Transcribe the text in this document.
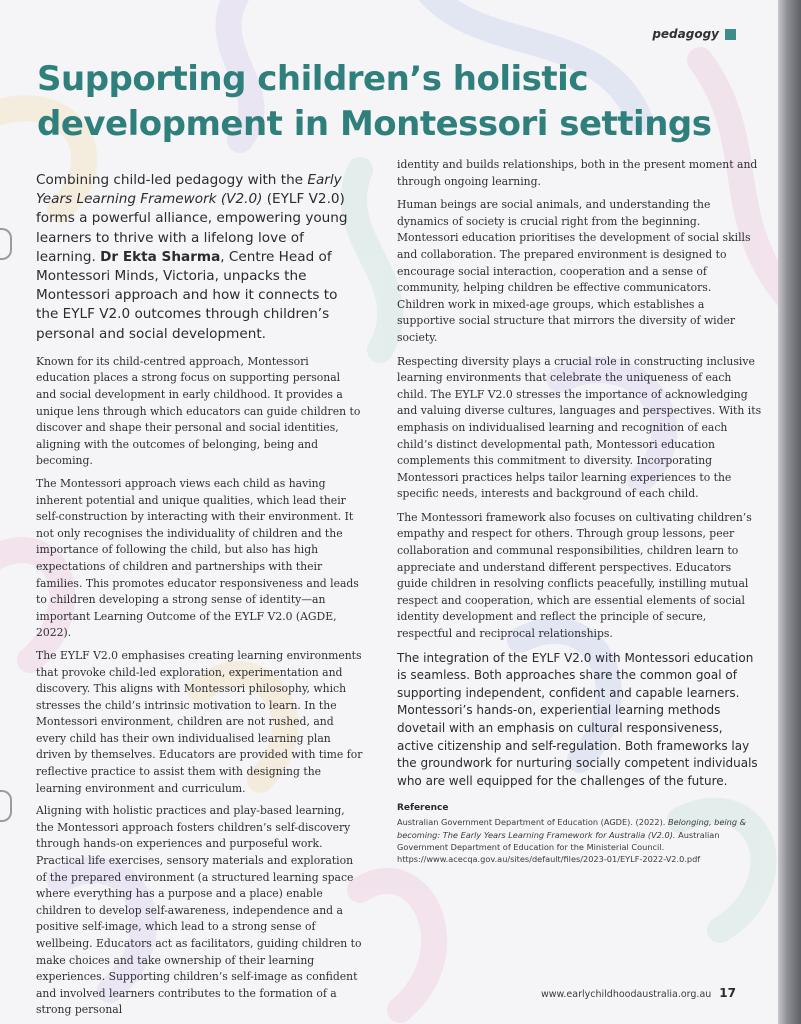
pedagogy
Supporting children’s holistic development in Montessori settings

Combining child-led pedagogy with the Early Years Learning Framework (V2.0) (EYLF V2.0) forms a powerful alliance, empowering young learners to thrive with a lifelong love of learning. Dr Ekta Sharma, Centre Head of Montessori Minds, Victoria, unpacks the Montessori approach and how it connects to the EYLF V2.0 outcomes through children’s personal and social development.

Known for its child-centred approach, Montessori education places a strong focus on supporting personal and social development in early childhood. It provides a unique lens through which educators can guide children to discover and shape their personal and social identities, aligning with the outcomes of belonging, being and becoming.

The Montessori approach views each child as having inherent potential and unique qualities, which lead their self-construction by interacting with their environment. It not only recognises the individuality of children and the importance of following the child, but also has high expectations of children and partnerships with their families. This promotes educator responsiveness and leads to children developing a strong sense of identity—an important Learning Outcome of the EYLF V2.0 (AGDE, 2022).

The EYLF V2.0 emphasises creating learning environments that provoke child-led exploration, experimentation and discovery. This aligns with Montessori philosophy, which stresses the child’s intrinsic motivation to learn. In the Montessori environment, children are not rushed, and every child has their own individualised learning plan driven by themselves. Educators are provided with time for reflective practice to assist them with designing the learning environment and curriculum.

Aligning with holistic practices and play-based learning, the Montessori approach fosters children’s self-discovery through hands-on experiences and purposeful work. Practical life exercises, sensory materials and exploration of the prepared environment (a structured learning space where everything has a purpose and a place) enable children to develop self-awareness, independence and a positive self-image, which lead to a strong sense of wellbeing. Educators act as facilitators, guiding children to make choices and take ownership of their learning experiences. Supporting children’s self-image as confident and involved learners contributes to the formation of a strong personal

identity and builds relationships, both in the present moment and through ongoing learning.

Human beings are social animals, and understanding the dynamics of society is crucial right from the beginning. Montessori education prioritises the development of social skills and collaboration. The prepared environment is designed to encourage social interaction, cooperation and a sense of community, helping children be effective communicators. Children work in mixed-age groups, which establishes a supportive social structure that mirrors the diversity of wider society.

Respecting diversity plays a crucial role in constructing inclusive learning environments that celebrate the uniqueness of each child. The EYLF V2.0 stresses the importance of acknowledging and valuing diverse cultures, languages and perspectives. With its emphasis on individualised learning and recognition of each child’s distinct developmental path, Montessori education complements this commitment to diversity. Incorporating Montessori practices helps tailor learning experiences to the specific needs, interests and background of each child.

The Montessori framework also focuses on cultivating children’s empathy and respect for others. Through group lessons, peer collaboration and communal responsibilities, children learn to appreciate and understand different perspectives. Educators guide children in resolving conflicts peacefully, instilling mutual respect and cooperation, which are essential elements of social identity development and reflect the principle of secure, respectful and reciprocal relationships.

The integration of the EYLF V2.0 with Montessori education is seamless. Both approaches share the common goal of supporting independent, confident and capable learners. Montessori’s hands-on, experiential learning methods dovetail with an emphasis on cultural responsiveness, active citizenship and self-regulation. Both frameworks lay the groundwork for nurturing socially competent individuals who are well equipped for the challenges of the future.

Reference

Australian Government Department of Education (AGDE). (2022). Belonging, being & becoming: The Early Years Learning Framework for Australia (V2.0). Australian Government Department of Education for the Ministerial Council. https://www.acecqa.gov.au/sites/default/files/2023-01/EYLF-2022-V2.0.pdf

www.earlychildhoodaustralia.org.au 17
